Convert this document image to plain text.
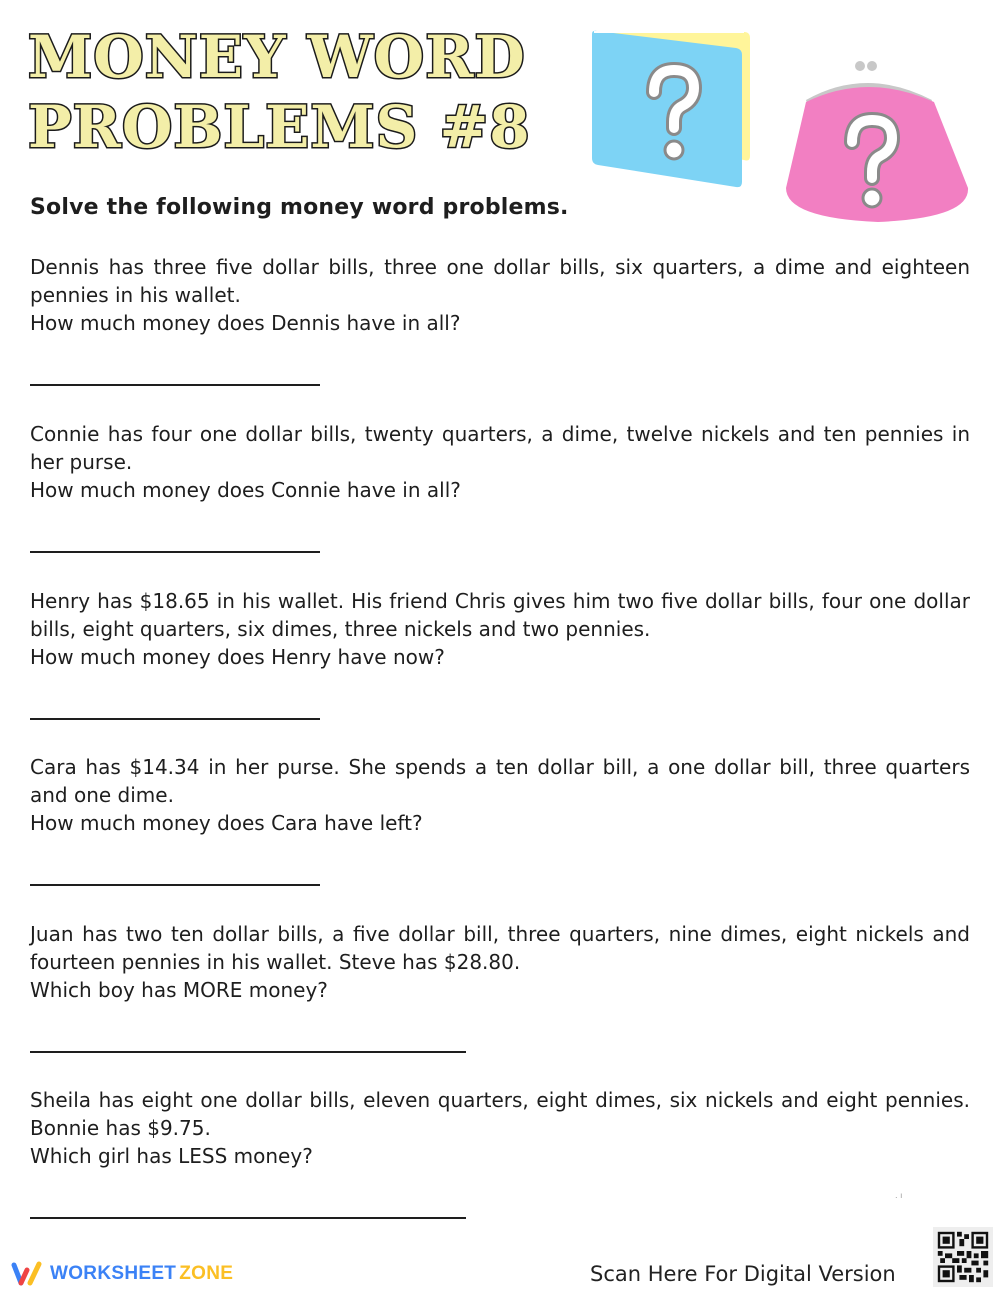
MONEY WORD
PROBLEMS #8

Solve the following money word problems.

Dennis has three five dollar bills, three one dollar bills, six quarters, a dime and eighteen pennies in his wallet.

How much money does Dennis have in all?

Connie has four one dollar bills, twenty quarters, a dime, twelve nickels and ten pennies in her purse.

How much money does Connie have in all?

Henry has $18.65 in his wallet. His friend Chris gives him two five dollar bills, four one dollar bills, eight quarters, six dimes, three nickels and two pennies.

How much money does Henry have now?

Cara has $14.34 in her purse. She spends a ten dollar bill, a one dollar bill, three quarters and one dime.

How much money does Cara have left?

Juan has two ten dollar bills, a five dollar bill, three quarters, nine dimes, eight nickels and fourteen pennies in his wallet. Steve has $28.80.

Which boy has MORE money?

Sheila has eight one dollar bills, eleven quarters, eight dimes, six nickels and eight pennies. Bonnie has $9.75.

Which girl has LESS money?

. ı
WORKSHEET ZONE	Scan Here For Digital Version
